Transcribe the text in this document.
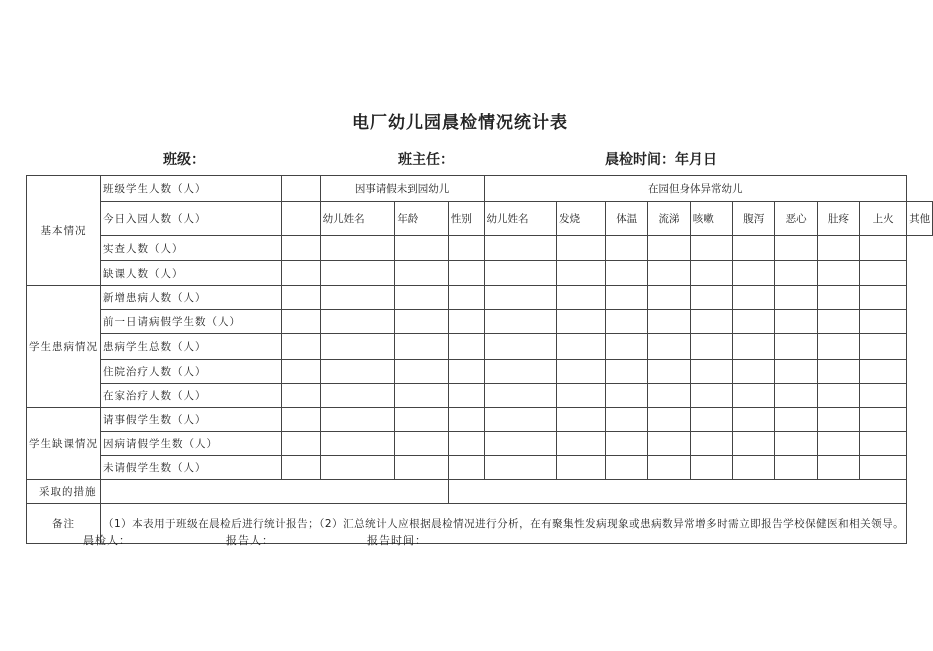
电厂幼儿园晨检情况统计表
班级：	班主任：	晨检时间：年月日
基本情况	班级学生人数（人）		因事请假未到园幼儿			在园但身体异常幼儿									
	今日入园人数（人）		幼儿姓名	年龄	性别	幼儿姓名	发烧	体温	流涕	咳嗽	腹泻	恶心	肚疼	上火	其他
	实查人数（人）														
	缺课人数（人）														
学生患病情况	新增患病人数（人）														
	前一日请病假学生数（人）														
	患病学生总数（人）														
	住院治疗人数（人）														
	在家治疗人数（人）														
学生缺课情况	请事假学生数（人）														
	因病请假学生数（人）														
	未请假学生数（人）														
采取的措施															
备注	（1）本表用于班级在晨检后进行统计报告；（2）汇总统计人应根据晨检情况进行分析，在有聚集性发病现象或患病数异常增多时需立即报告学校保健医和相关领导。														
晨检人：	报告人：	报告时间：
